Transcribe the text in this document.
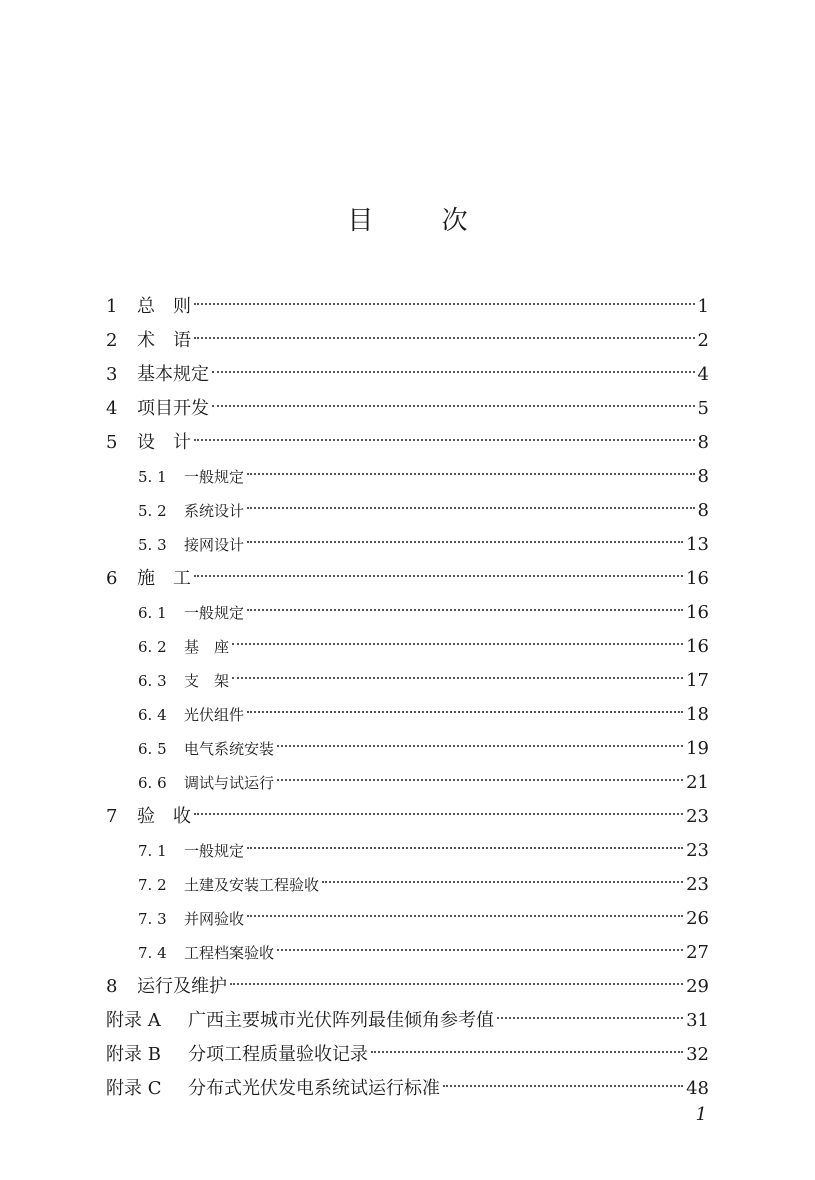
目 次
1	总　则	1
2	术　语	2
3	基本规定	4
4	项目开发	5
5	设　计	8
5. 1	一般规定	8
5. 2	系统设计	8
5. 3	接网设计	13
6	施　工	16
6. 1	一般规定	16
6. 2	基　座	16
6. 3	支　架	17
6. 4	光伏组件	18
6. 5	电气系统安装	19
6. 6	调试与试运行	21
7	验　收	23
7. 1	一般规定	23
7. 2	土建及安装工程验收	23
7. 3	并网验收	26
7. 4	工程档案验收	27
8	运行及维护	29
附录 A	广西主要城市光伏阵列最佳倾角参考值	31
附录 B	分项工程质量验收记录	32
附录 C	分布式光伏发电系统试运行标准	48
1
